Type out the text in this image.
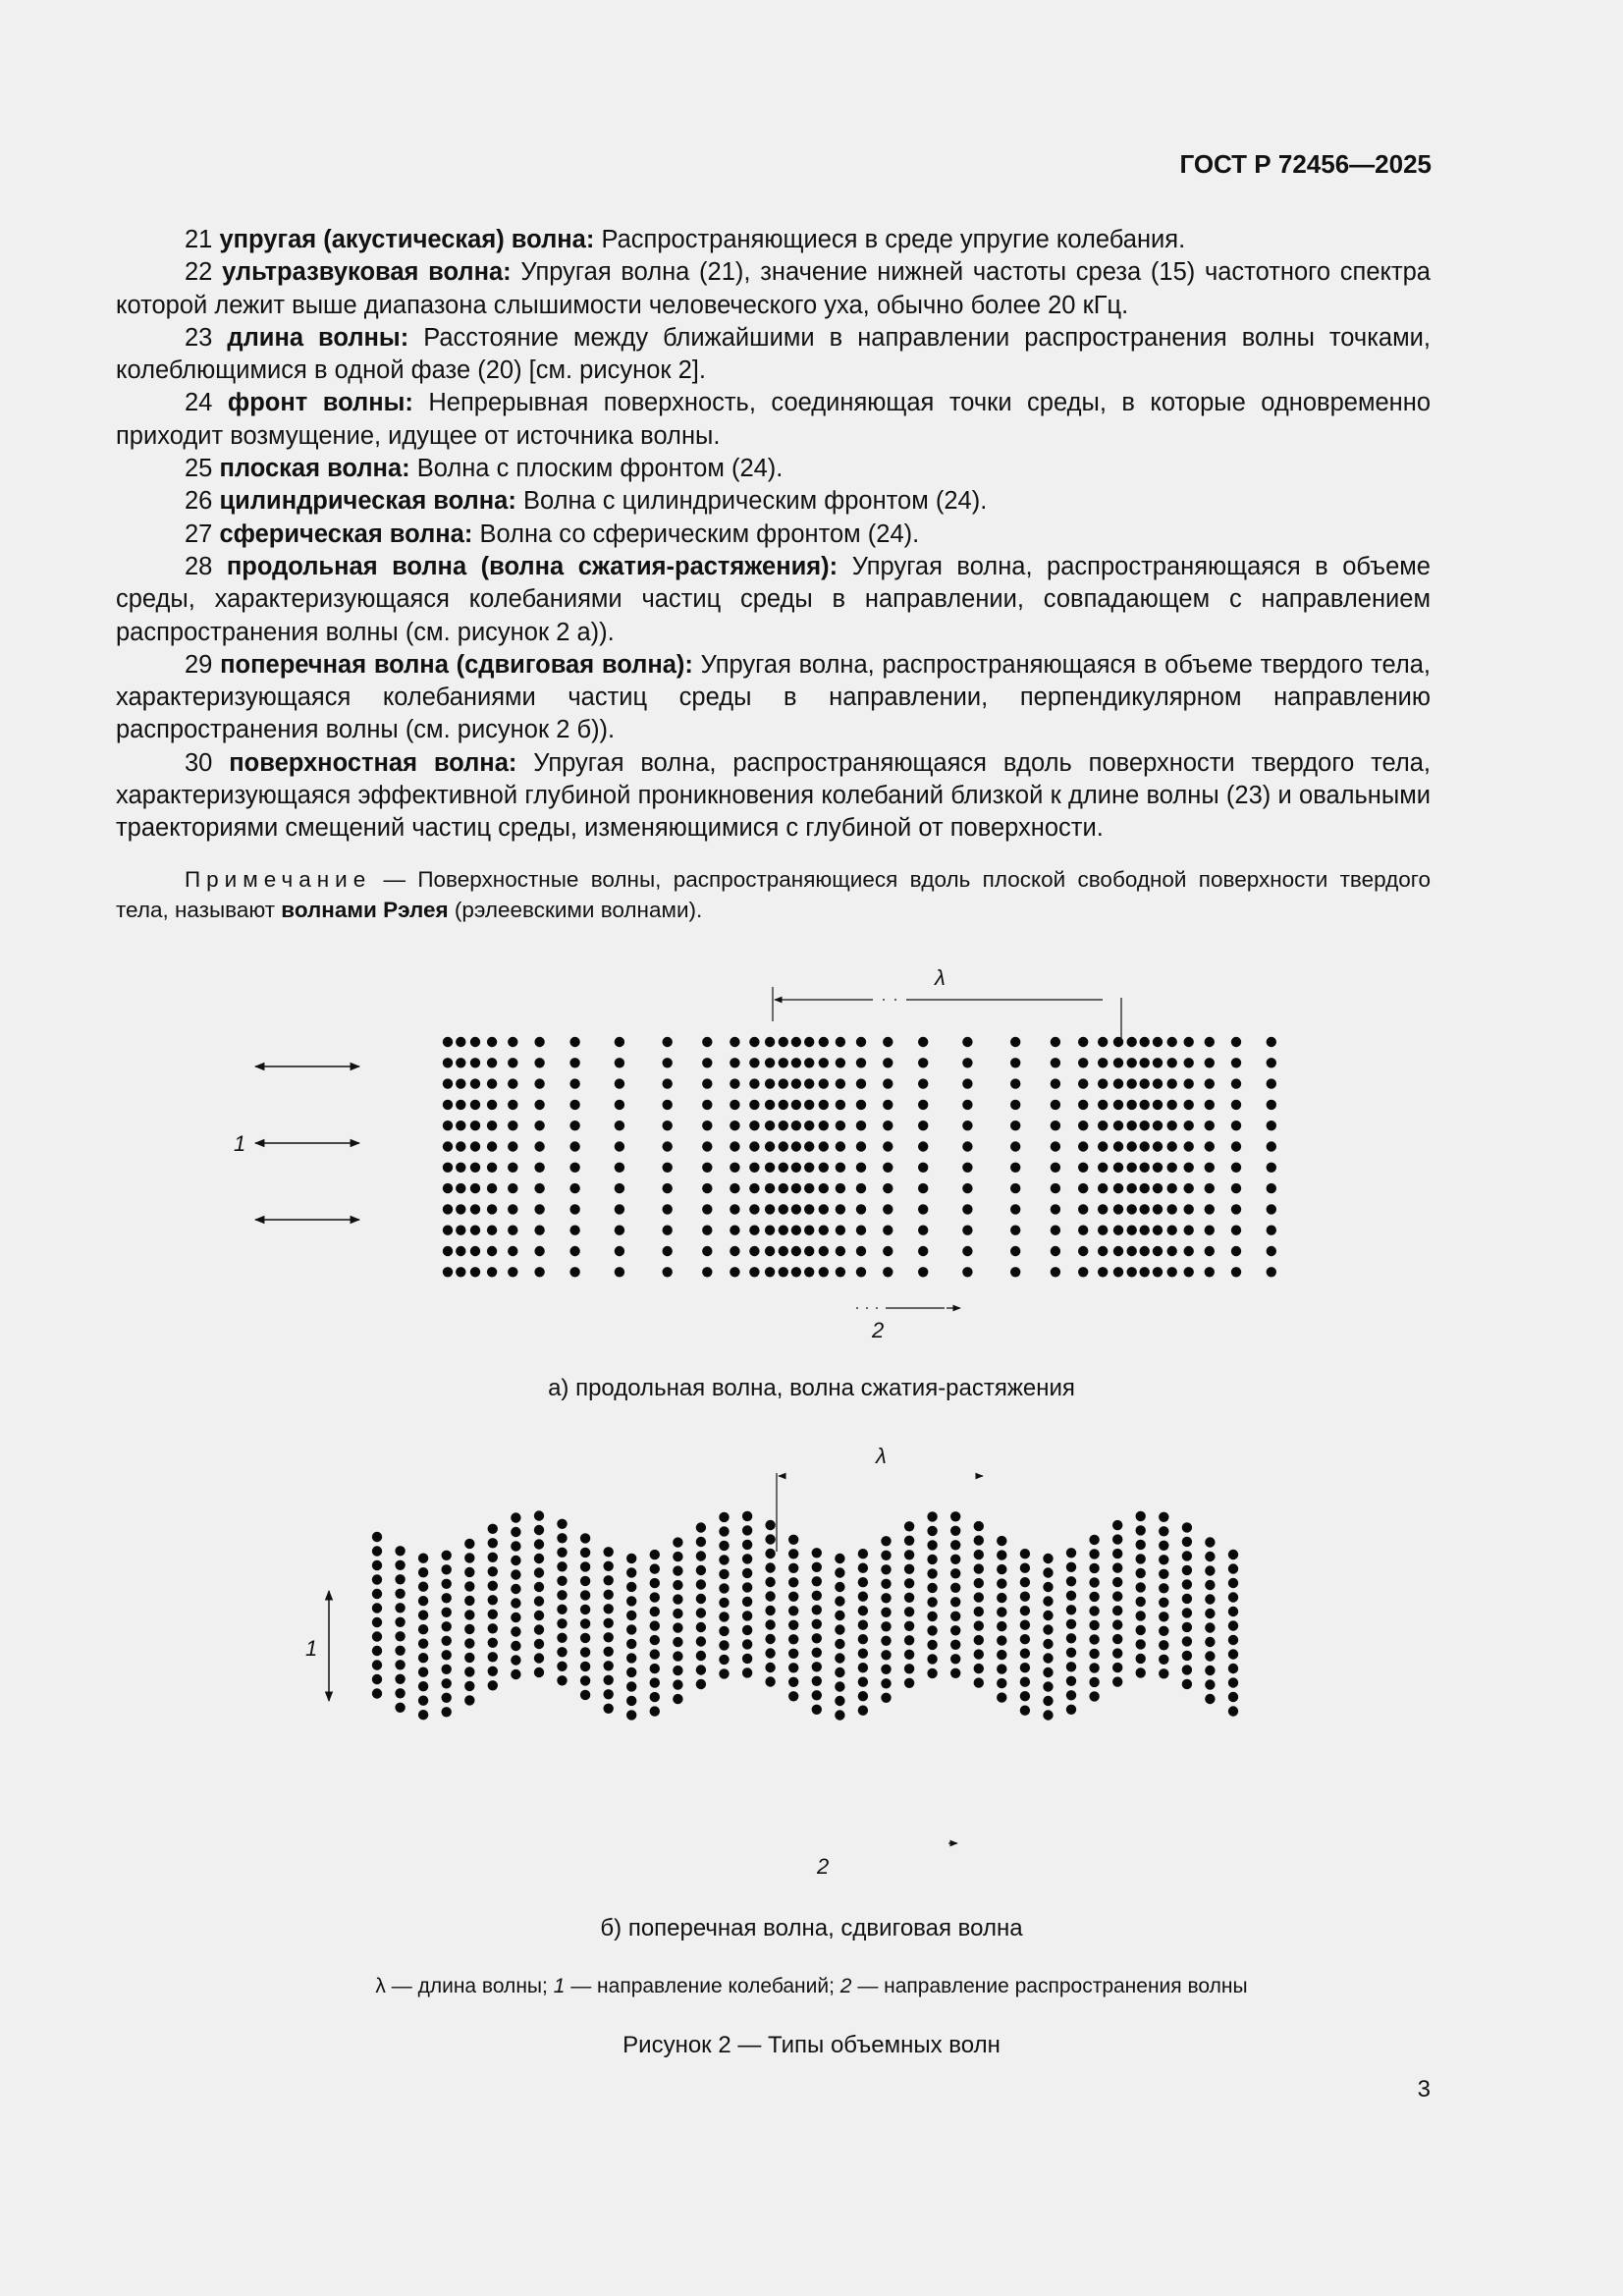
ГОСТ Р 72456—2025

21 упругая (акустическая) волна: Распространяющиеся в среде упругие колебания.

22 ультразвуковая волна: Упругая волна (21), значение нижней частоты среза (15) частотного спектра которой лежит выше диапазона слышимости человеческого уха, обычно более 20 кГц.

23 длина волны: Расстояние между ближайшими в направлении распространения волны точками, колеблющимися в одной фазе (20) [см. рисунок 2].

24 фронт волны: Непрерывная поверхность, соединяющая точки среды, в которые одновременно приходит возмущение, идущее от источника волны.

25 плоская волна: Волна с плоским фронтом (24).

26 цилиндрическая волна: Волна с цилиндрическим фронтом (24).

27 сферическая волна: Волна со сферическим фронтом (24).

28 продольная волна (волна сжатия-растяжения): Упругая волна, распространяющаяся в объеме среды, характеризующаяся колебаниями частиц среды в направлении, совпадающем с направлением распространения волны (см. рисунок 2 а)).

29 поперечная волна (сдвиговая волна): Упругая волна, распространяющаяся в объеме твердого тела, характеризующаяся колебаниями частиц среды в направлении, перпендикулярном направлению распространения волны (см. рисунок 2 б)).

30 поверхностная волна: Упругая волна, распространяющаяся вдоль поверхности твердого тела, характеризующаяся эффективной глубиной проникновения колебаний близкой к длине волны (23) и овальными траекториями смещений частиц среды, изменяющимися с глубиной от поверхности.

Примечание — Поверхностные волны, распространяющиеся вдоль плоской свободной поверхности твердого тела, называют волнами Рэлея (рэлеевскими волнами).
1
λ
2
1
λ
2
а) продольная волна, волна сжатия-растяжения
б) поперечная волна, сдвиговая волна
λ — длина волны; 1 — направление колебаний; 2 — направление распространения волны
Рисунок 2 — Типы объемных волн
3
